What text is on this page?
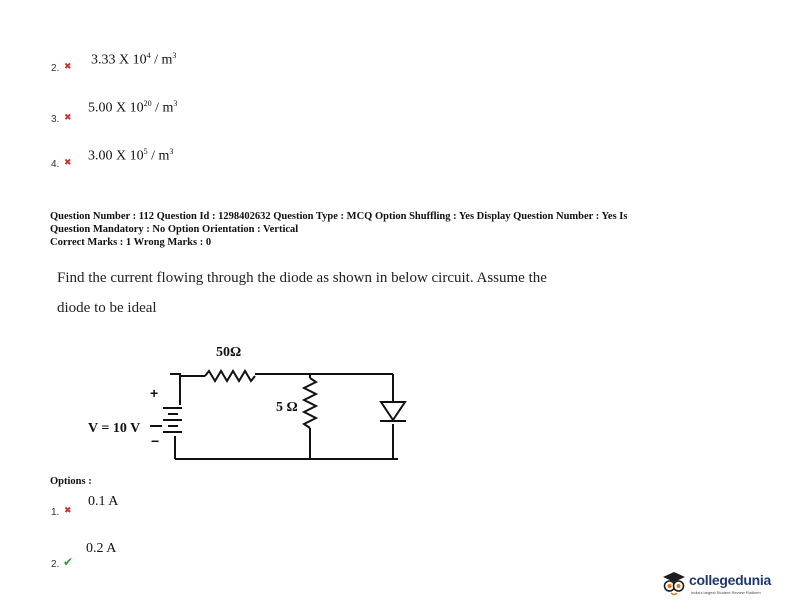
2. ✖ 3.33 X $10^4 / m^3$
3. ✖
5.00 X $10^{20} / m^3$
4. ✖ 3.00 X $10^5 / m^3$
Question Number : 112 Question Id : 1298402632 Question Type : MCQ Option Shuffling : Yes Display Question Number : Yes Is
Question Mandatory : No Option Orientation : Vertical
Correct Marks : 1 Wrong Marks : 0
Find the current flowing through the diode as shown in below circuit. Assume the
diode to be ideal
50Ω
5 Ω
+
−
V = 10 V
Options :
1. ✖
0.1 A
2. ✔
0.2 A
collegedunia
India's largest Student Review Platform
